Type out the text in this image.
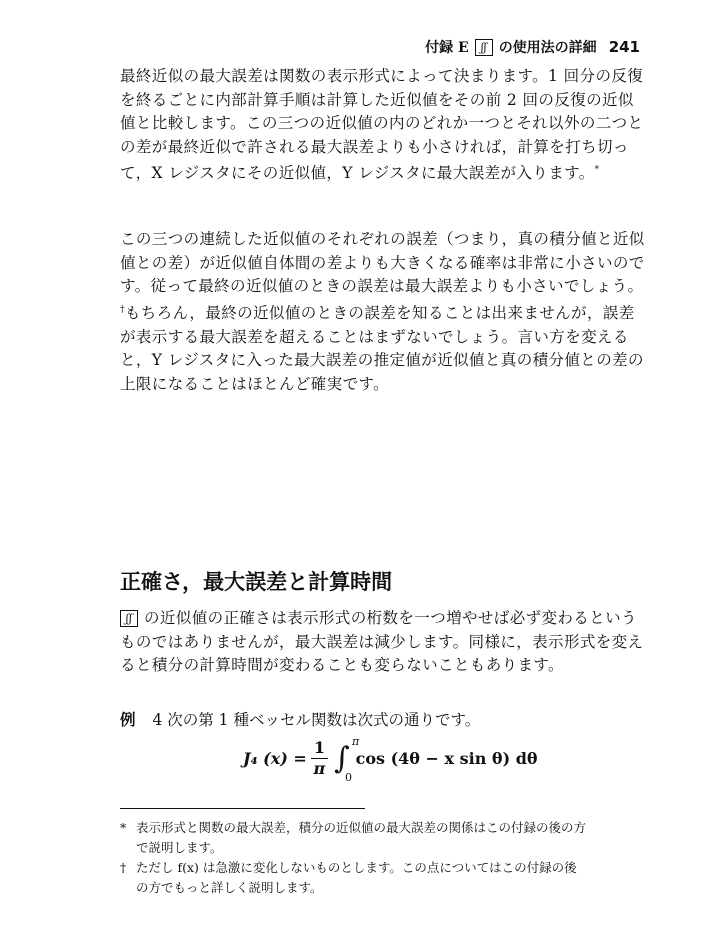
付録 E	ʃʃ の使用法の詳細 241

最終近似の最大誤差は関数の表示形式によって決まります。1 回分の反復を終るごとに内部計算手順は計算した近似値をその前 2 回の反復の近似値と比較します。この三つの近似値の内のどれか一つとそれ以外の二つとの差が最終近似で許される最大誤差よりも小さければ，計算を打ち切って，X レジスタにその近似値，Y レジスタに最大誤差が入ります。*

この三つの連続した近似値のそれぞれの誤差（つまり，真の積分値と近似値との差）が近似値自体間の差よりも大きくなる確率は非常に小さいのです。従って最終の近似値のときの誤差は最大誤差よりも小さいでしょう。†もちろん，最終の近似値のときの誤差を知ることは出来ませんが，誤差が表示する最大誤差を超えることはまずないでしょう。言い方を変えると，Y レジスタに入った最大誤差の推定値が近似値と真の積分値との差の上限になることはほとんど確実です。

正確さ，最大誤差と計算時間

ʃʃ の近似値の正確さは表示形式の桁数を一つ増やせば必ず変わるというものではありませんが，最大誤差は減少します。同様に，表示形式を変えると積分の計算時間が変わることも変らないこともあります。

例 4 次の第 1 種ベッセル関数は次式の通りです。
J₄ $(x) = \frac{1}{\pi}$ ∫ π
0
cos (4θ − x sin θ) dθ

* 表示形式と関数の最大誤差，積分の近似値の最大誤差の関係はこの付録の後の方
で説明します。

† ただし f(x) は急激に変化しないものとします。この点についてはこの付録の後
の方でもっと詳しく説明します。
